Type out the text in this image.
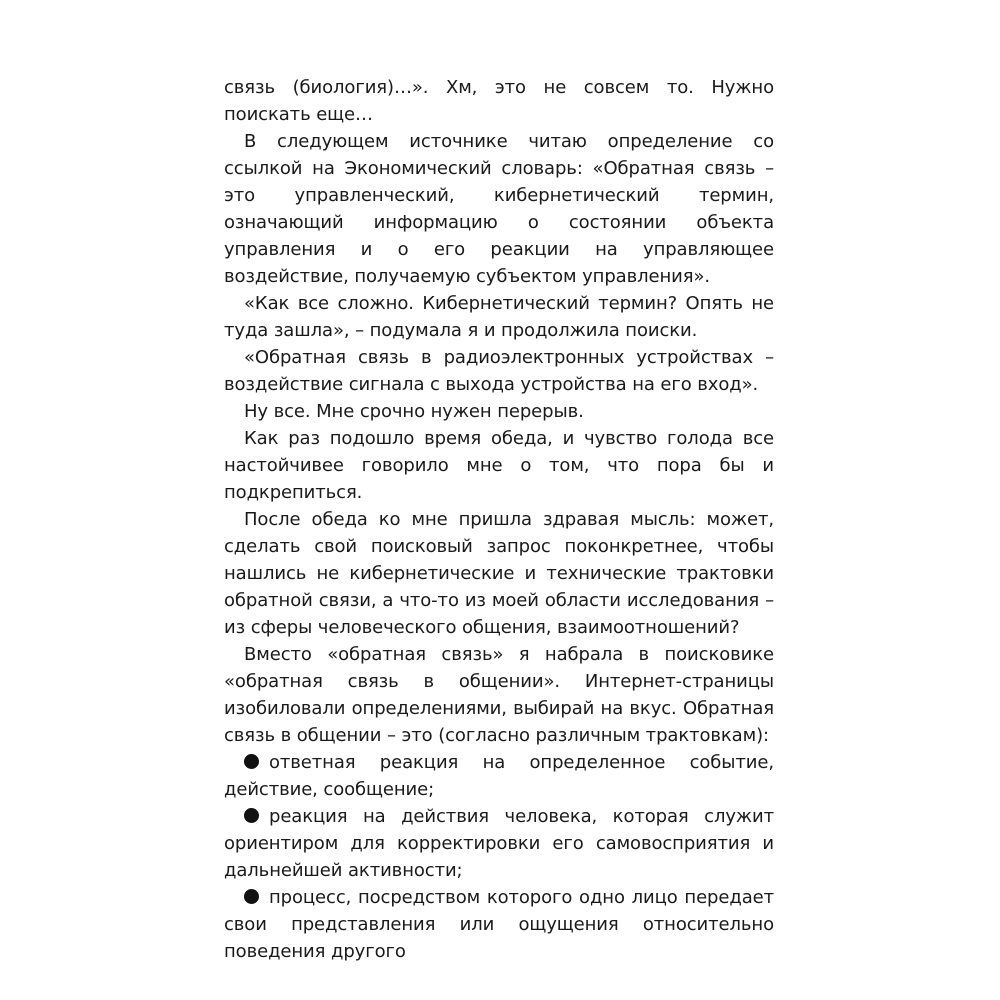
связь (биология)…». Хм, это не совсем то. Нужно поискать еще…

В следующем источнике читаю определение со ссылкой на Экономический словарь: «Обратная связь – это управленческий, кибернетический термин, означающий информацию о состоянии объекта управления и о его реакции на управляющее воздействие, получаемую субъектом управления».

«Как все сложно. Кибернетический термин? Опять не туда зашла», – подумала я и продолжила поиски.

«Обратная связь в радиоэлектронных устройствах – воздействие сигнала с выхода устройства на его вход».

Ну все. Мне срочно нужен перерыв.

Как раз подошло время обеда, и чувство голода все настойчивее говорило мне о том, что пора бы и подкрепиться.

После обеда ко мне пришла здравая мысль: может, сделать свой поисковый запрос поконкретнее, чтобы нашлись не кибернетические и технические трактовки обратной связи, а что-то из моей области исследования – из сферы человеческого общения, взаимоотношений?

Вместо «обратная связь» я набрала в поисковике «обратная связь в общении». Интернет-страницы изобиловали определениями, выбирай на вкус. Обратная связь в общении – это (согласно различным трактовкам):

ответная реакция на определенное событие, действие, сообщение;

реакция на действия человека, которая служит ориентиром для корректировки его самовосприятия и дальнейшей активности;

процесс, посредством которого одно лицо передает свои представления или ощущения относительно поведения другого
